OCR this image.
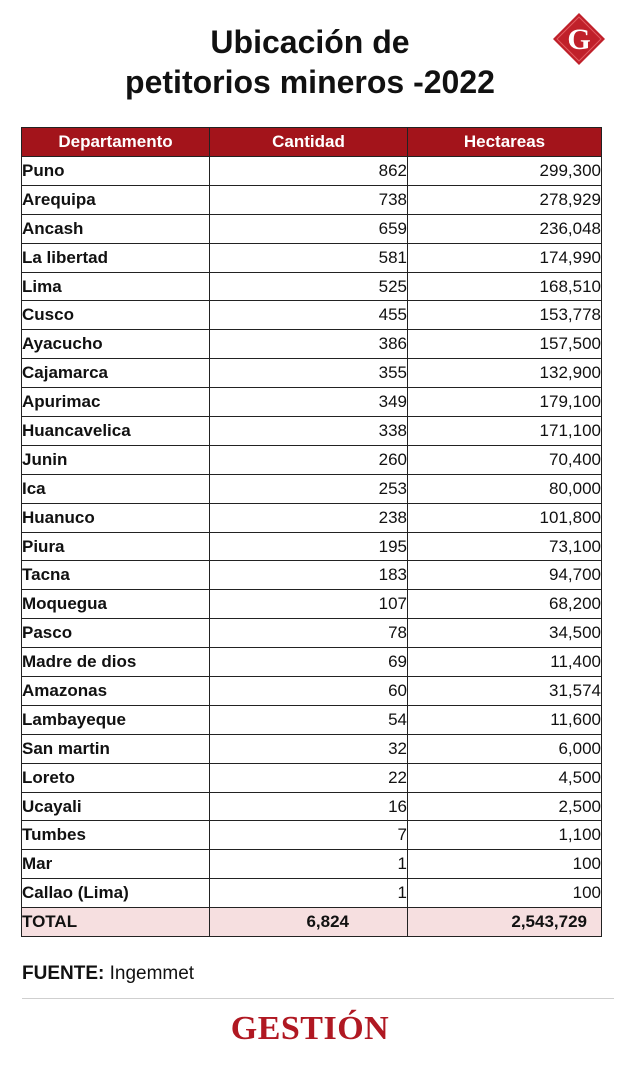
Ubicación de
petitorios mineros -2022
G
Departamento	Cantidad	Hectareas
Puno	862	299,300
Arequipa	738	278,929
Ancash	659	236,048
La libertad	581	174,990
Lima	525	168,510
Cusco	455	153,778
Ayacucho	386	157,500
Cajamarca	355	132,900
Apurimac	349	179,100
Huancavelica	338	171,100
Junin	260	70,400
Ica	253	80,000
Huanuco	238	101,800
Piura	195	73,100
Tacna	183	94,700
Moquegua	107	68,200
Pasco	78	34,500
Madre de dios	69	11,400
Amazonas	60	31,574
Lambayeque	54	11,600
San martin	32	6,000
Loreto	22	4,500
Ucayali	16	2,500
Tumbes	7	1,100
Mar	1	100
Callao (Lima)	1	100
TOTAL	6,824	2,543,729
FUENTE: Ingemmet
GESTIÓN
